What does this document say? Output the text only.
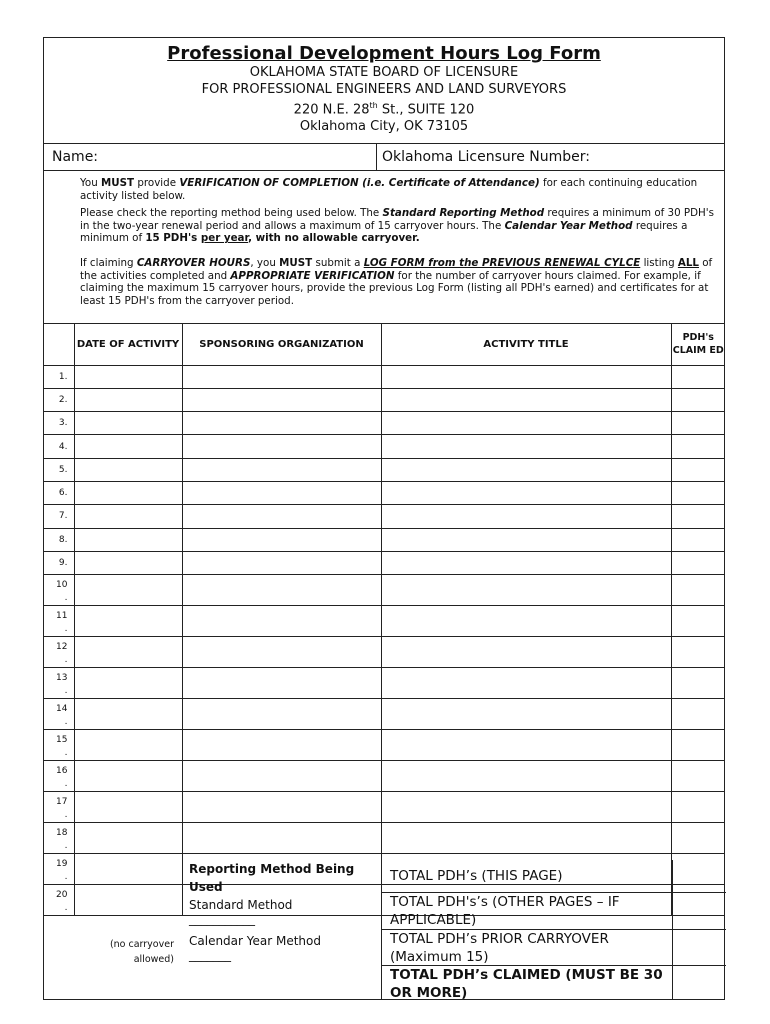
Professional Development Hours Log Form
OKLAHOMA STATE BOARD OF LICENSURE
FOR PROFESSIONAL ENGINEERS AND LAND SURVEYORS
220 N.E. 28th St., SUITE 120
Oklahoma City, OK 73105
Name:	Oklahoma Licensure Number:

You MUST provide VERIFICATION OF COMPLETION (i.e. Certificate of Attendance) for each continuing education activity listed below.

Please check the reporting method being used below. The Standard Reporting Method requires a minimum of 30 PDH's in the two-year renewal period and allows a maximum of 15 carryover hours. The Calendar Year Method requires a minimum of 15 PDH's per year, with no allowable carryover.

If claiming CARRYOVER HOURS, you MUST submit a LOG FORM from the PREVIOUS RENEWAL CYLCE listing ALL of the activities completed and APPROPRIATE VERIFICATION for the number of carryover hours claimed. For example, if claiming the maximum 15 carryover hours, provide the previous Log Form (listing all PDH's earned) and certificates for at least 15 PDH's from the carryover period.

	DATE OF ACTIVITY	SPONSORING ORGANIZATION	ACTIVITY TITLE	PDH's CLAIM ED
1.				
2.				
3.				
4.				
5.				
6.				
7.				
8.				
9.				
10
.				
11
.				
12
.				
13
.				
14
.				
15
.				
16
.				
17
.				
18
.				
19
.				
20
.				
(no carryover allowed)
Reporting Method Being Used
Standard Method
___________
Calendar Year Method
_______
TOTAL PDH’s (THIS PAGE)
TOTAL PDH's’s (OTHER PAGES – IF APPLICABLE)
TOTAL PDH’s PRIOR CARRYOVER (Maximum 15)
TOTAL PDH’s CLAIMED (MUST BE 30 OR MORE)
